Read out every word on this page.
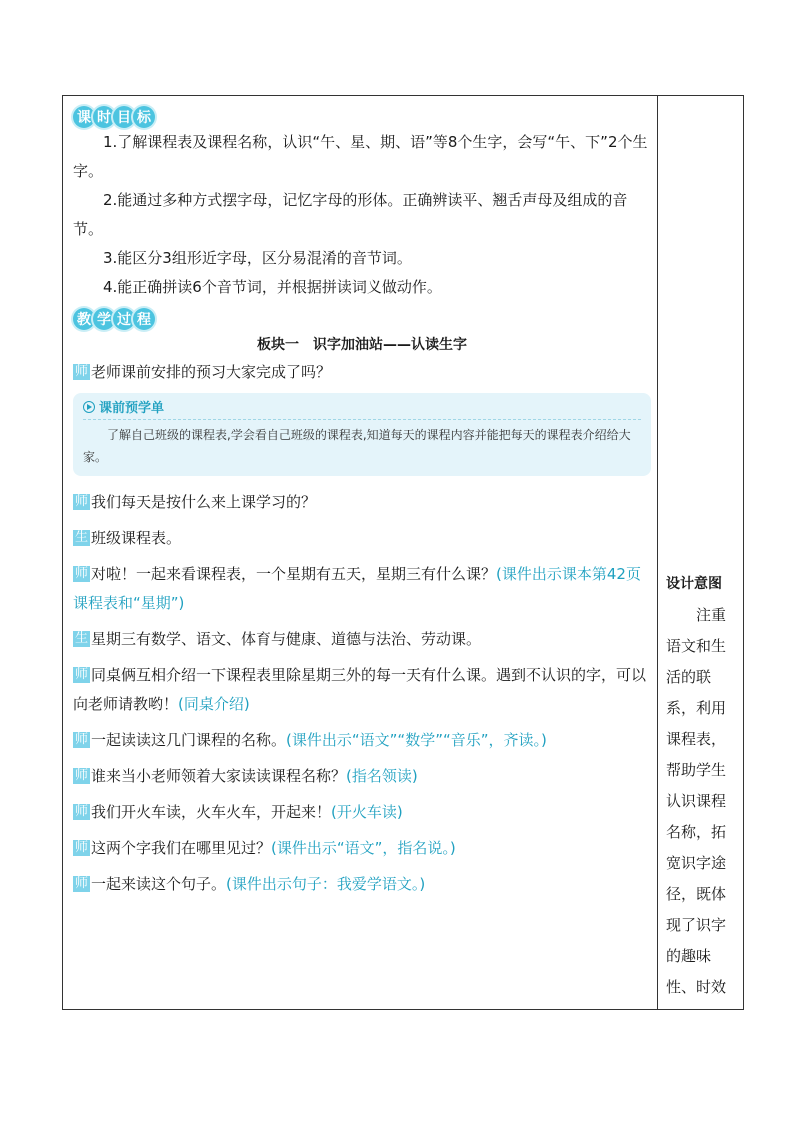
课 时 目 标

1.了解课程表及课程名称，认识“午、星、期、语”等8个生字，会写“午、下”2个生字。

2.能通过多种方式摆字母，记忆字母的形体。正确辨读平、翘舌声母及组成的音节。

3.能区分3组形近字母，区分易混淆的音节词。

4.能正确拼读6个音节词，并根据拼读词义做动作。

教 学 过 程
板块一　识字加油站——认读生字

师 老师课前安排的预习大家完成了吗？

课前预学单
了解自己班级的课程表,学会看自己班级的课程表,知道每天的课程内容并能把每天的课程表介绍给大家。

师 我们每天是按什么来上课学习的？

生 班级课程表。

师 对啦！一起来看课程表，一个星期有五天，星期三有什么课？(课件出示课本第42页课程表和“星期”)

生 星期三有数学、语文、体育与健康、道德与法治、劳动课。

师 同桌俩互相介绍一下课程表里除星期三外的每一天有什么课。遇到不认识的字，可以向老师请教哟！(同桌介绍)

师 一起读读这几门课程的名称。(课件出示“语文”“数学”“音乐”，齐读。)

师 谁来当小老师领着大家读读课程名称？(指名领读)

师 我们开火车读，火车火车，开起来！(开火车读)

师 这两个字我们在哪里见过？(课件出示“语文”，指名说。)

师 一起来读这个句子。(课件出示句子：我爱学语文。)

设计意图
注重语文和生活的联系，利用课程表，帮助学生认识课程名称，拓宽识字途径，既体现了识字的趣味性、时效
